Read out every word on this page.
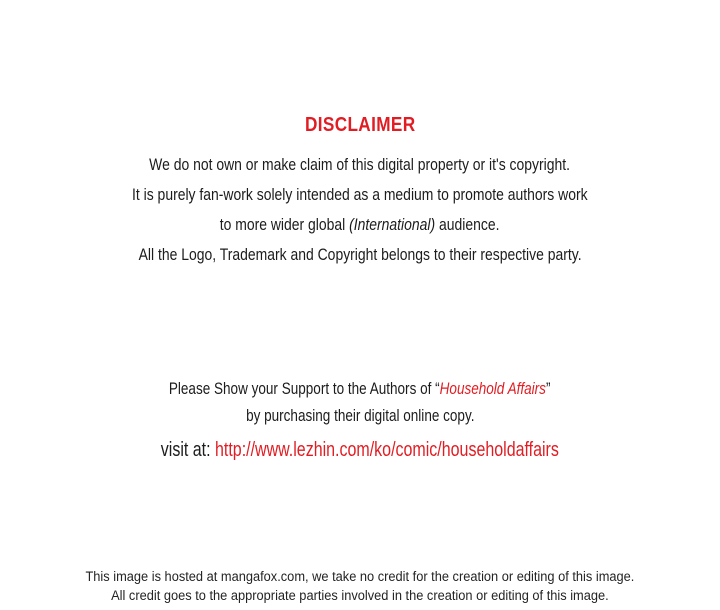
DISCLAIMER
We do not own or make claim of this digital property or it's copyright.
It is purely fan-work solely intended as a medium to promote authors work
to more wider global (International) audience.
All the Logo, Trademark and Copyright belongs to their respective party.
Please Show your Support to the Authors of “Household Affairs”
by purchasing their digital online copy.
visit at: http://www.lezhin.com/ko/comic/householdaffairs
This image is hosted at mangafox.com, we take no credit for the creation or editing of this image.
All credit goes to the appropriate parties involved in the creation or editing of this image.
